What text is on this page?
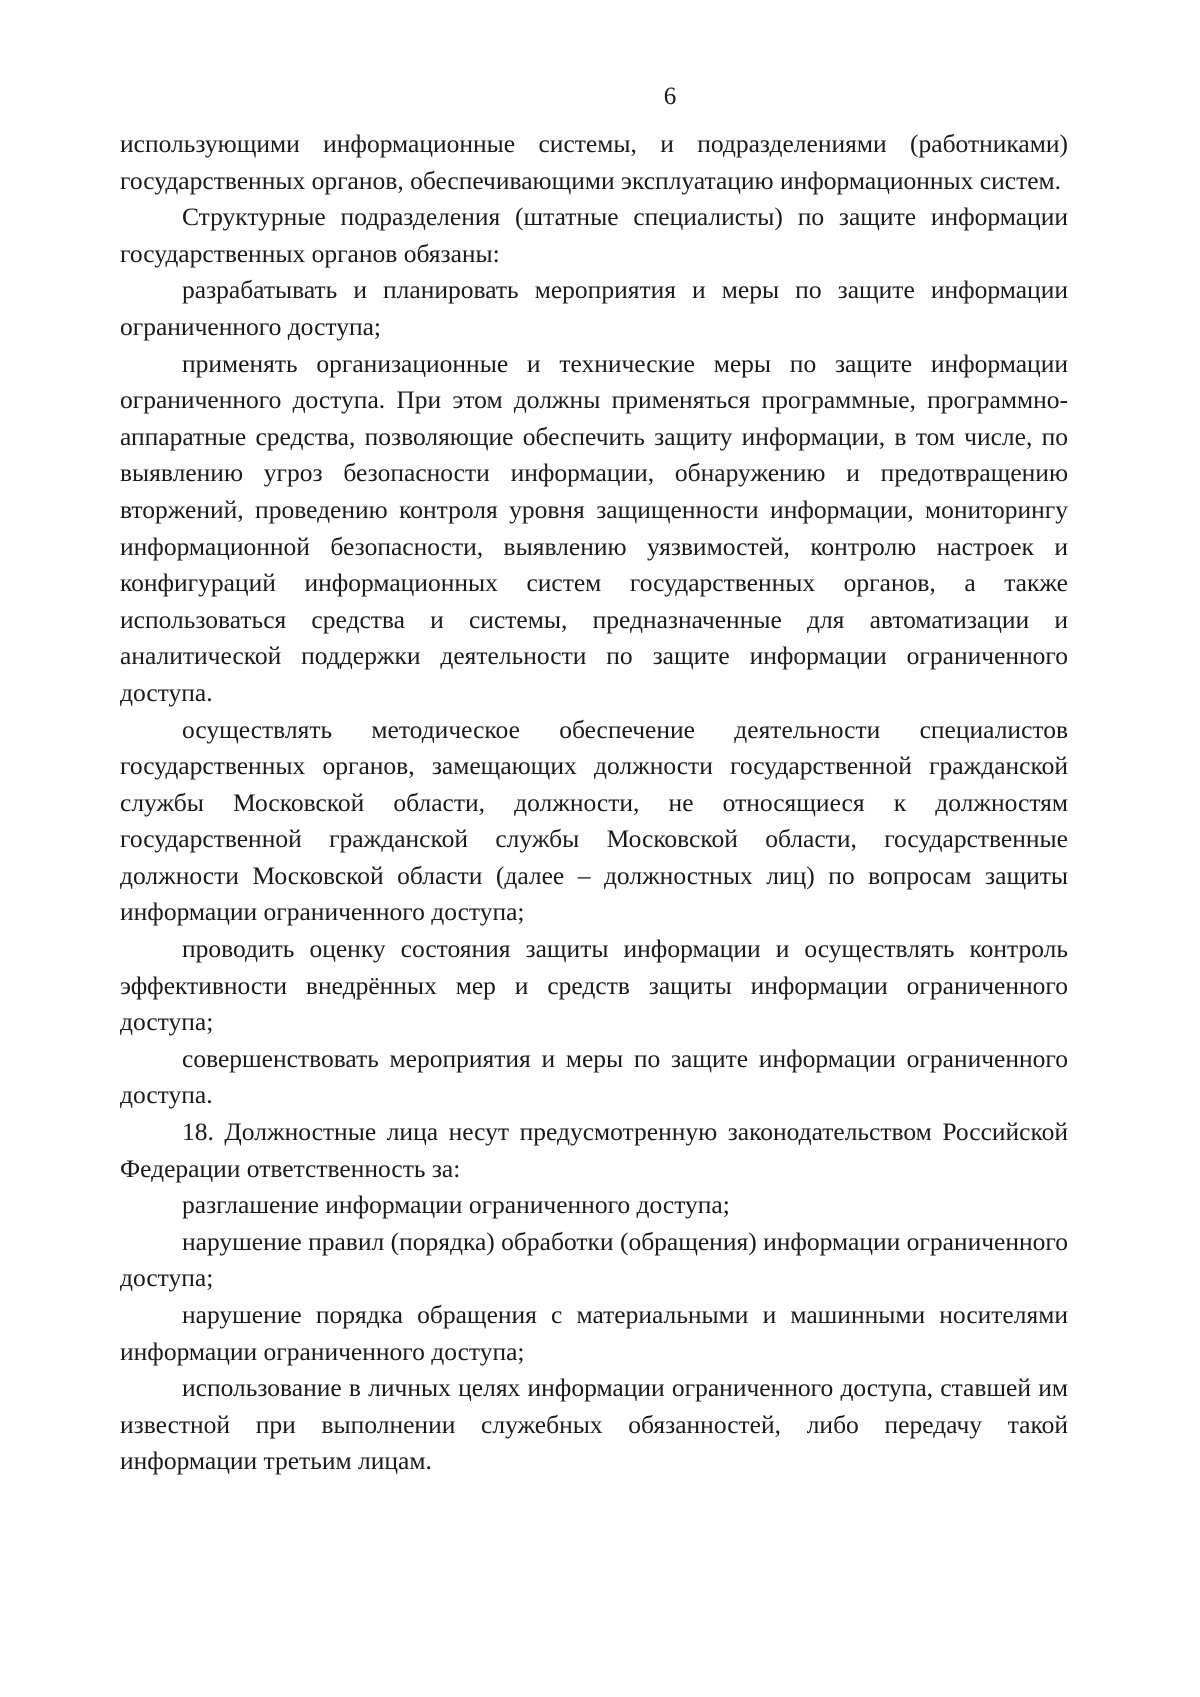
6

использующими информационные системы, и подразделениями (работниками) государственных органов, обеспечивающими эксплуатацию информационных систем.

Структурные подразделения (штатные специалисты) по защите информации государственных органов обязаны:

разрабатывать и планировать мероприятия и меры по защите информации ограниченного доступа;

применять организационные и технические меры по защите информации ограниченного доступа. При этом должны применяться программные, программно-аппаратные средства, позволяющие обеспечить защиту информации, в том числе, по выявлению угроз безопасности информации, обнаружению и предотвращению вторжений, проведению контроля уровня защищенности информации, мониторингу информационной безопасности, выявлению уязвимостей, контролю настроек и конфигураций информационных систем государственных органов, а также использоваться средства и системы, предназначенные для автоматизации и аналитической поддержки деятельности по защите информации ограниченного доступа.

осуществлять методическое обеспечение деятельности специалистов государственных органов, замещающих должности государственной гражданской службы Московской области, должности, не относящиеся к должностям государственной гражданской службы Московской области, государственные должности Московской области (далее – должностных лиц) по вопросам защиты информации ограниченного доступа;

проводить оценку состояния защиты информации и осуществлять контроль эффективности внедрённых мер и средств защиты информации ограниченного доступа;

совершенствовать мероприятия и меры по защите информации ограниченного доступа.

18. Должностные лица несут предусмотренную законодательством Российской Федерации ответственность за:

разглашение информации ограниченного доступа;

нарушение правил (порядка) обработки (обращения) информации ограниченного доступа;

нарушение порядка обращения с материальными и машинными носителями информации ограниченного доступа;

использование в личных целях информации ограниченного доступа, ставшей им известной при выполнении служебных обязанностей, либо передачу такой информации третьим лицам.
